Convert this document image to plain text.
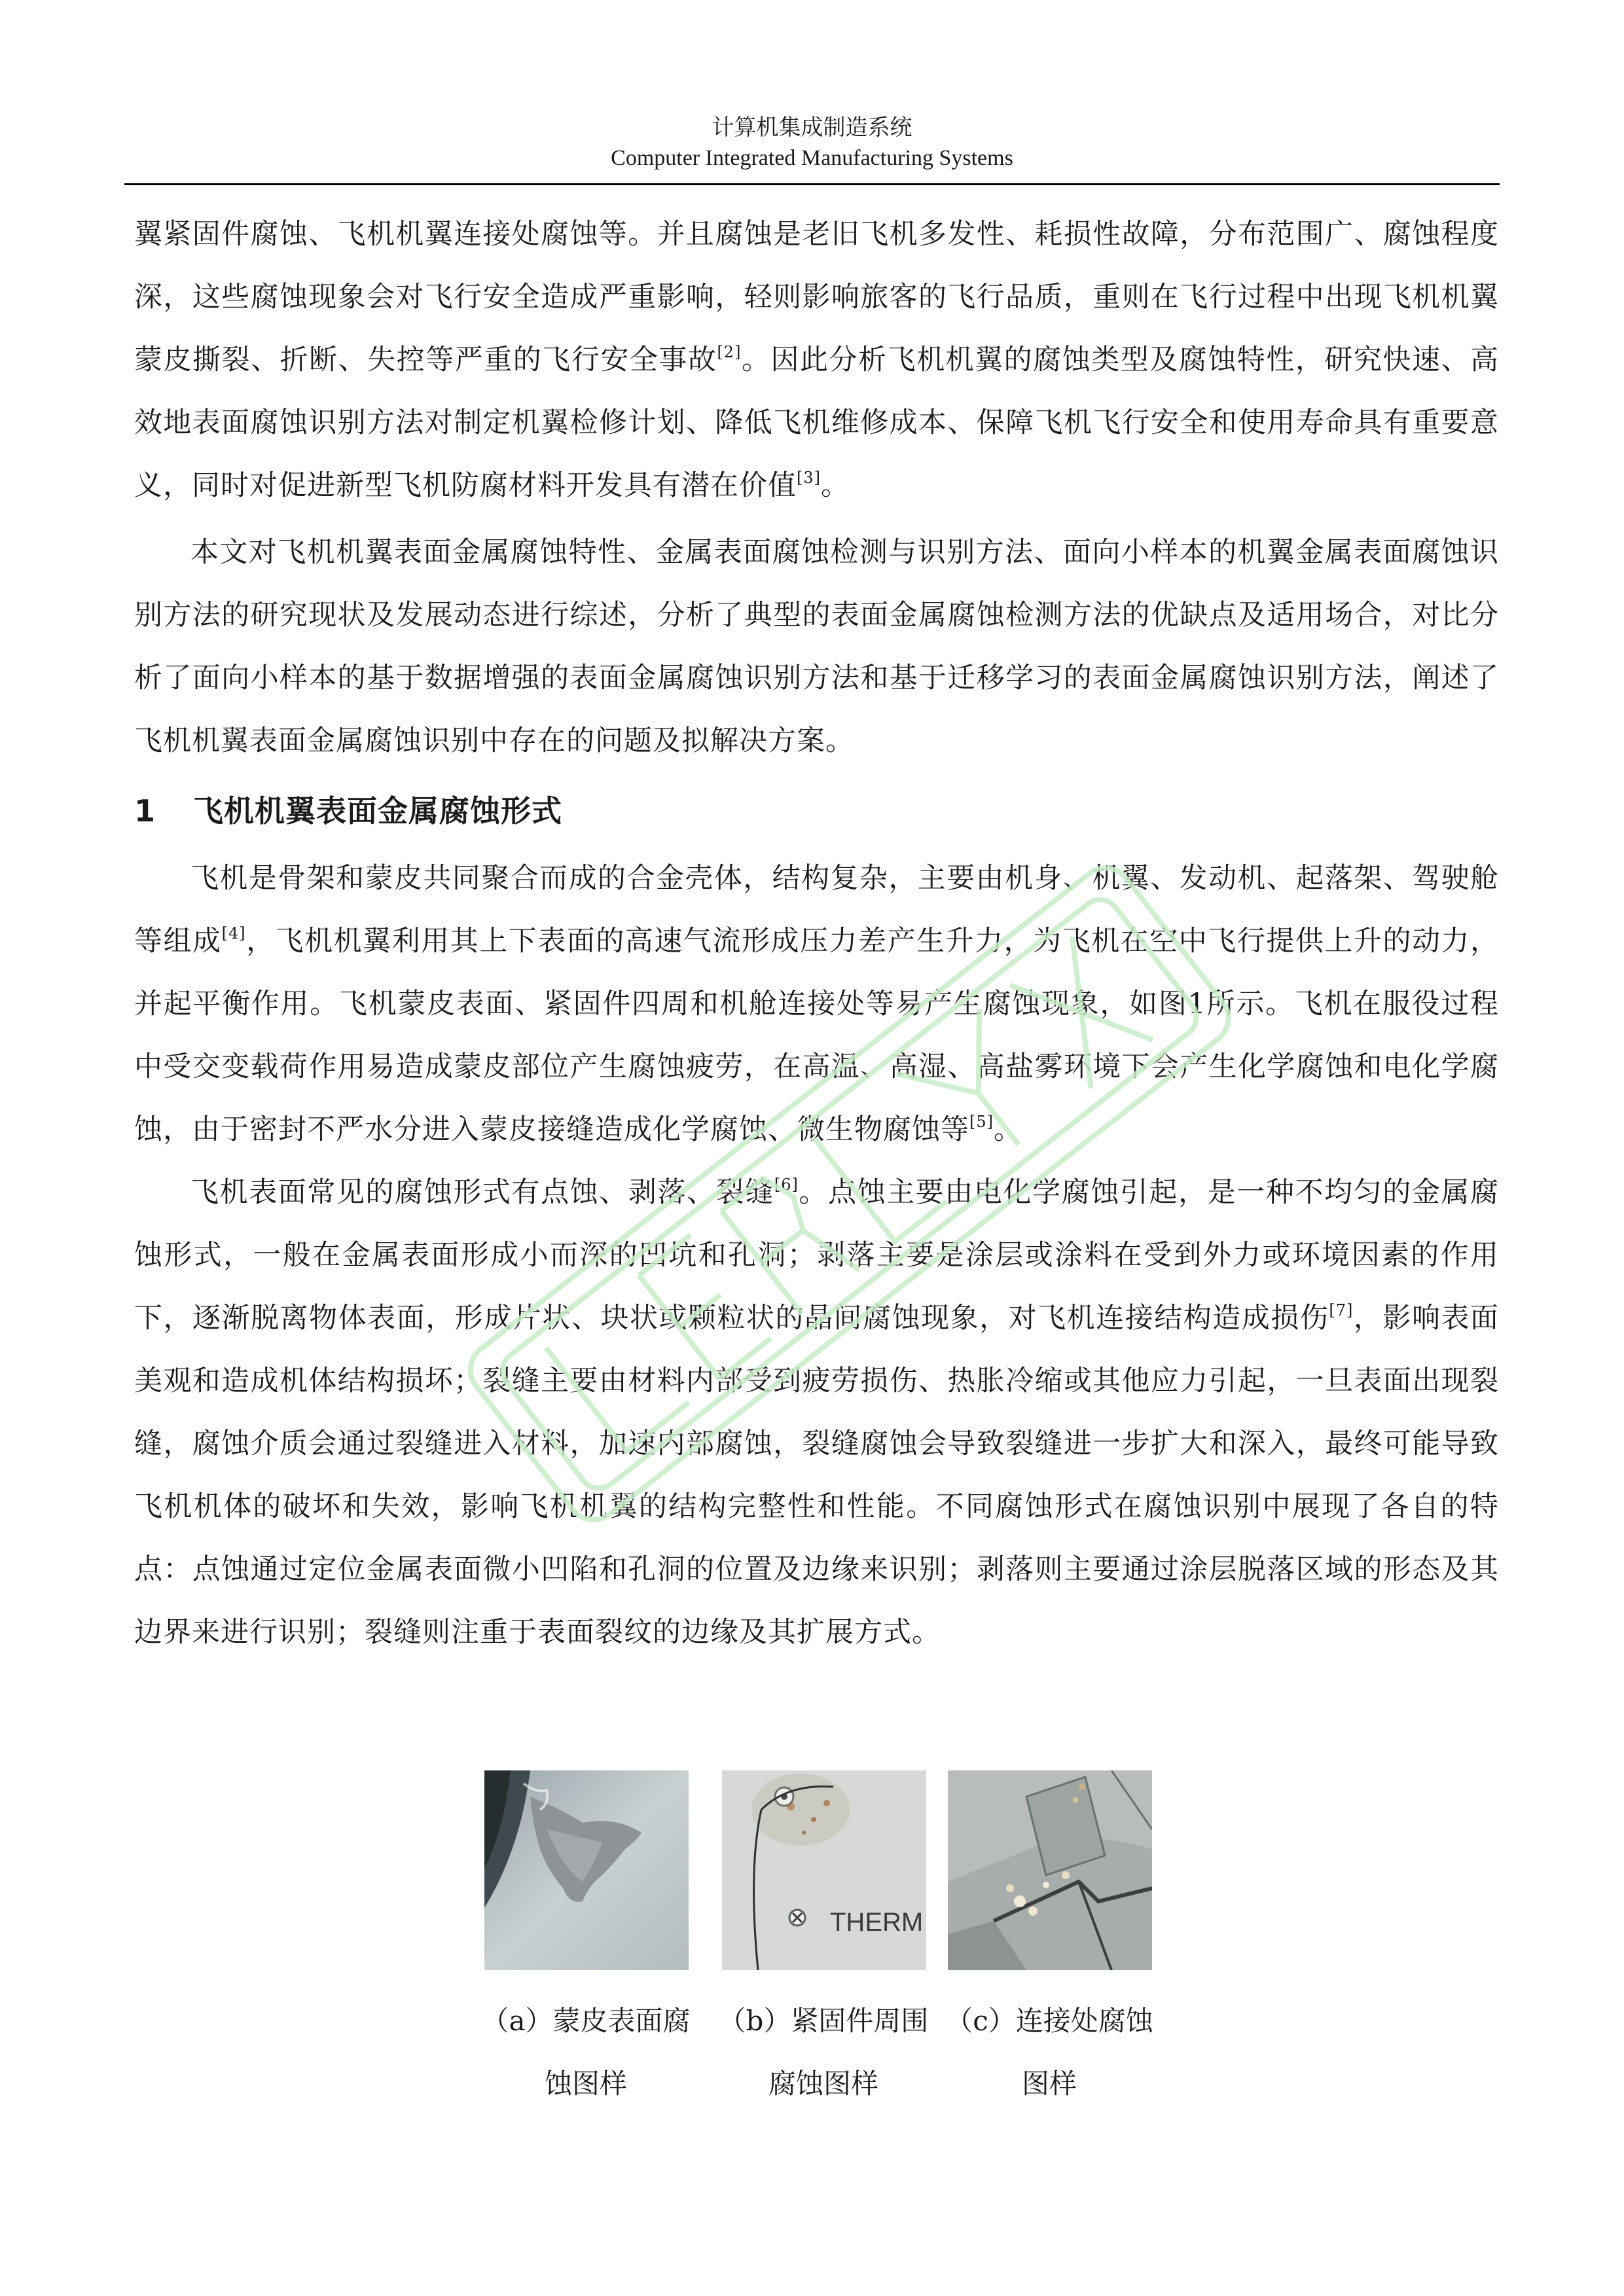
计算机集成制造系统
Computer Integrated Manufacturing Systems

翼紧固件腐蚀、飞机机翼连接处腐蚀等。并且腐蚀是老旧飞机多发性、耗损性故障，分布范围广、腐蚀程度深，这些腐蚀现象会对飞行安全造成严重影响，轻则影响旅客的飞行品质，重则在飞行过程中出现飞机机翼蒙皮撕裂、折断、失控等严重的飞行安全事故[2]。因此分析飞机机翼的腐蚀类型及腐蚀特性，研究快速、高效地表面腐蚀识别方法对制定机翼检修计划、降低飞机维修成本、保障飞机飞行安全和使用寿命具有重要意义，同时对促进新型飞机防腐材料开发具有潜在价值[3]。

本文对飞机机翼表面金属腐蚀特性、金属表面腐蚀检测与识别方法、面向小样本的机翼金属表面腐蚀识别方法的研究现状及发展动态进行综述，分析了典型的表面金属腐蚀检测方法的优缺点及适用场合，对比分析了面向小样本的基于数据增强的表面金属腐蚀识别方法和基于迁移学习的表面金属腐蚀识别方法，阐述了飞机机翼表面金属腐蚀识别中存在的问题及拟解决方案。

1 飞机机翼表面金属腐蚀形式

飞机是骨架和蒙皮共同聚合而成的合金壳体，结构复杂，主要由机身、机翼、发动机、起落架、驾驶舱等组成[4]，飞机机翼利用其上下表面的高速气流形成压力差产生升力，为飞机在空中飞行提供上升的动力，并起平衡作用。飞机蒙皮表面、紧固件四周和机舱连接处等易产生腐蚀现象，如图1所示。飞机在服役过程中受交变载荷作用易造成蒙皮部位产生腐蚀疲劳，在高温、高湿、高盐雾环境下会产生化学腐蚀和电化学腐蚀，由于密封不严水分进入蒙皮接缝造成化学腐蚀、微生物腐蚀等[5]。

飞机表面常见的腐蚀形式有点蚀、剥落、裂缝[6]。点蚀主要由电化学腐蚀引起，是一种不均匀的金属腐蚀形式，一般在金属表面形成小而深的凹坑和孔洞；剥落主要是涂层或涂料在受到外力或环境因素的作用下，逐渐脱离物体表面，形成片状、块状或颗粒状的晶间腐蚀现象，对飞机连接结构造成损伤[7]，影响表面美观和造成机体结构损坏；裂缝主要由材料内部受到疲劳损伤、热胀冷缩或其他应力引起，一旦表面出现裂缝，腐蚀介质会通过裂缝进入材料，加速内部腐蚀，裂缝腐蚀会导致裂缝进一步扩大和深入，最终可能导致飞机机体的破坏和失效，影响飞机机翼的结构完整性和性能。不同腐蚀形式在腐蚀识别中展现了各自的特点：点蚀通过定位金属表面微小凹陷和孔洞的位置及边缘来识别；剥落则主要通过涂层脱落区域的形态及其边界来进行识别；裂缝则注重于表面裂纹的边缘及其扩展方式。

THERM
（a）蒙皮表面腐
蚀图样
（b）紧固件周围
腐蚀图样
（c）连接处腐蚀
图样
